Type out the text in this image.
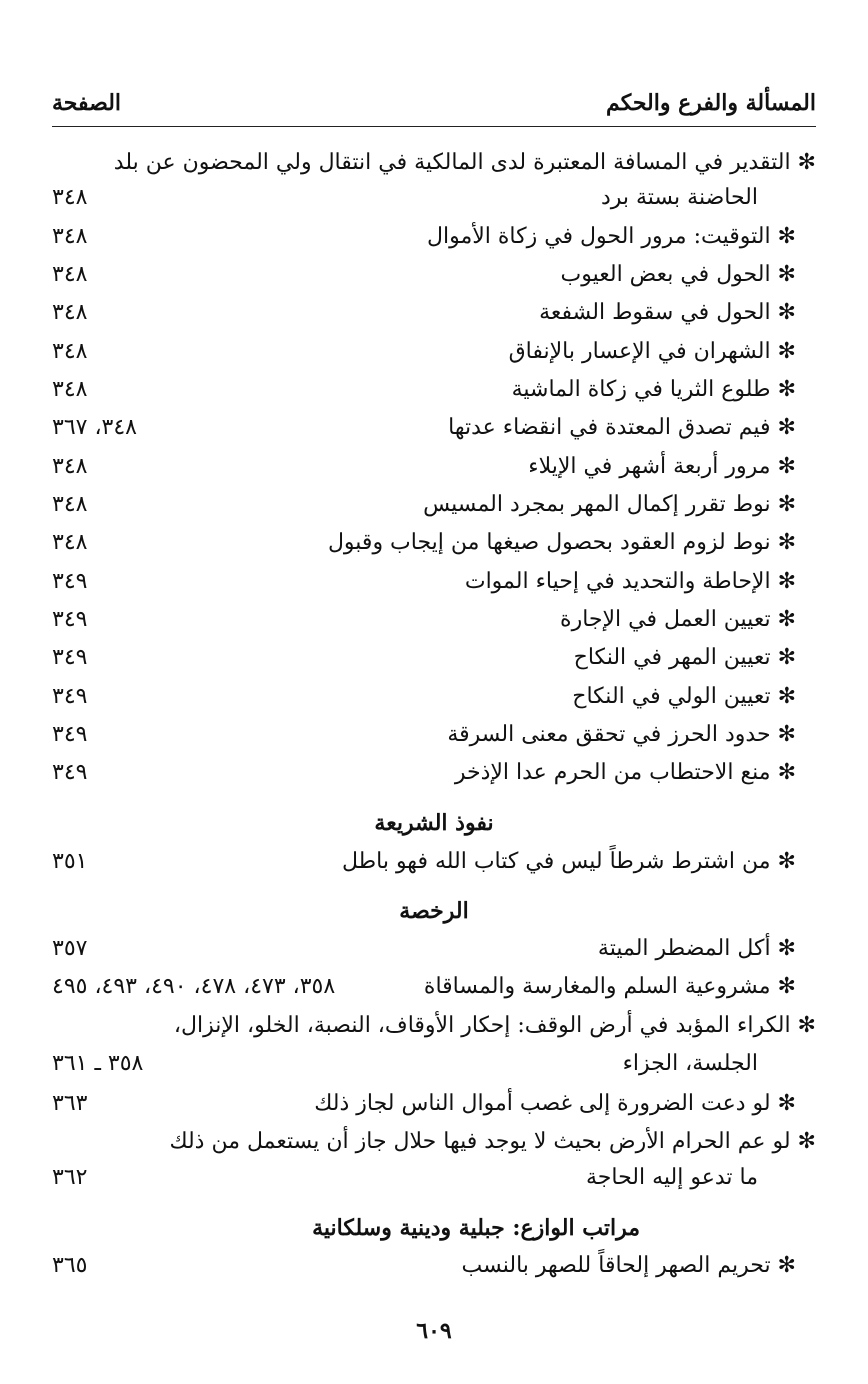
الصفحة	المسألة والفرع والحكم
✻ التقدير في المسافة المعتبرة لدى المالكية في انتقال ولي المحضون عن بلد
الحاضنة بستة برد
٣٤٨
✻ التوقيت: مرور الحول في زكاة الأموال
٣٤٨
✻ الحول في بعض العيوب
٣٤٨
✻ الحول في سقوط الشفعة
٣٤٨
✻ الشهران في الإعسار بالإنفاق
٣٤٨
✻ طلوع الثريا في زكاة الماشية
٣٤٨
✻ فيم تصدق المعتدة في انقضاء عدتها
٣٤٨، ٣٦٧
✻ مرور أربعة أشهر في الإيلاء
٣٤٨
✻ نوط تقرر إكمال المهر بمجرد المسيس
٣٤٨
✻ نوط لزوم العقود بحصول صيغها من إيجاب وقبول
٣٤٨
✻ الإحاطة والتحديد في إحياء الموات
٣٤٩
✻ تعيين العمل في الإجارة
٣٤٩
✻ تعيين المهر في النكاح
٣٤٩
✻ تعيين الولي في النكاح
٣٤٩
✻ حدود الحرز في تحقق معنى السرقة
٣٤٩
✻ منع الاحتطاب من الحرم عدا الإذخر
٣٤٩
نفوذ الشريعة
✻ من اشترط شرطاً ليس في كتاب الله فهو باطل
٣٥١
الرخصة
✻ أكل المضطر الميتة
٣٥٧
✻ مشروعية السلم والمغارسة والمساقاة
٣٥٨، ٤٧٣، ٤٧٨، ٤٩٠، ٤٩٣، ٤٩٥
✻ الكراء المؤبد في أرض الوقف: إحكار الأوقاف، النصبة، الخلو، الإنزال،
الجلسة، الجزاء
٣٥٨ ـ ٣٦١
✻ لو دعت الضرورة إلى غصب أموال الناس لجاز ذلك
٣٦٣
✻ لو عم الحرام الأرض بحيث لا يوجد فيها حلال جاز أن يستعمل من ذلك
ما تدعو إليه الحاجة
٣٦٢
مراتب الوازع: جبلية ودينية وسلكانية
✻ تحريم الصهر إلحاقاً للصهر بالنسب
٣٦٥
٦٠٩
